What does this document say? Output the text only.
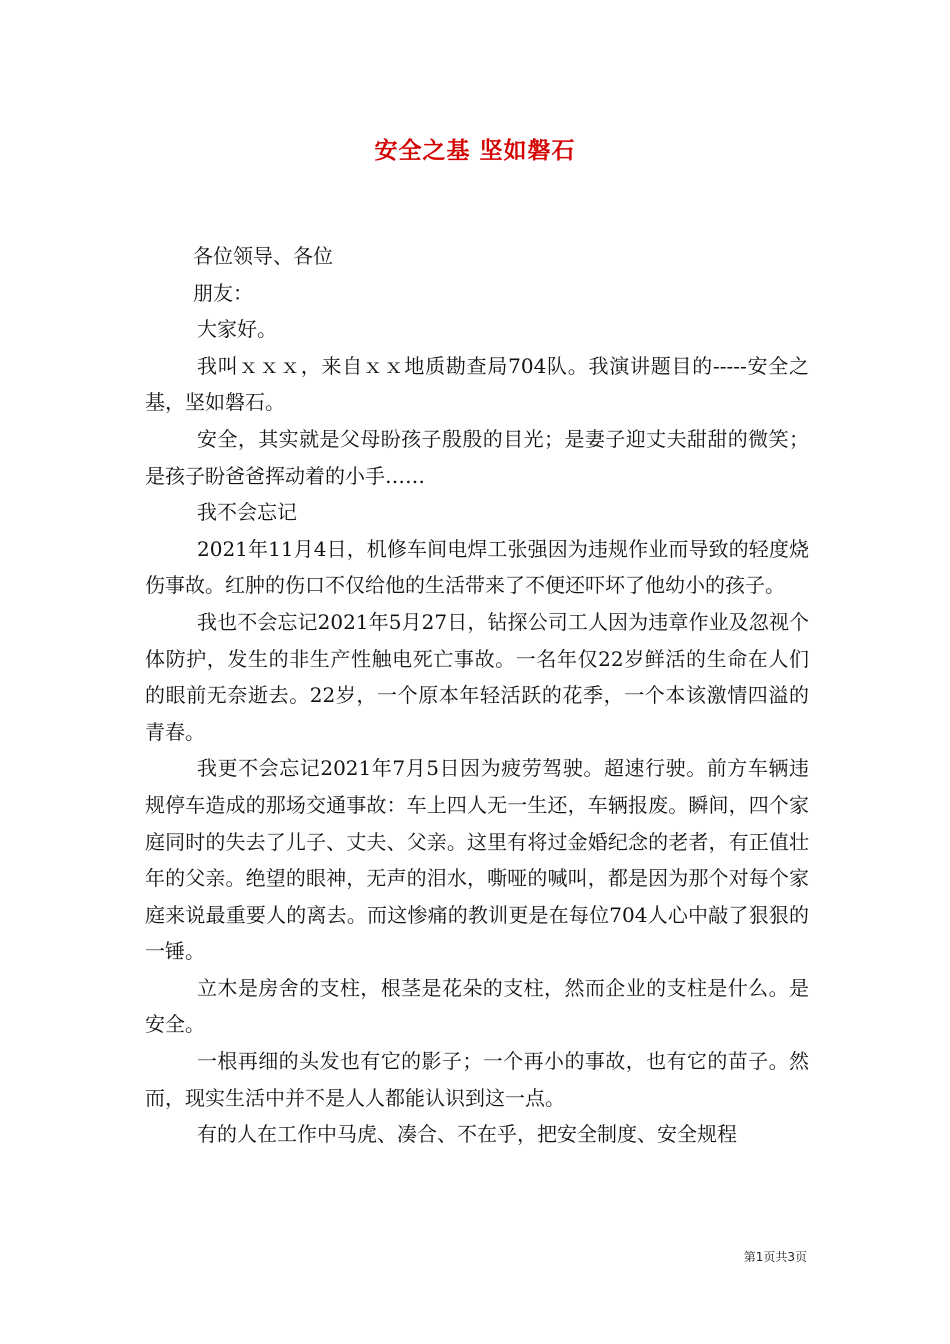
安全之基 坚如磐石

各位领导、各位
朋友：

大家好。

我叫ｘｘｘ，来自ｘｘ地质勘查局704队。我演讲题目的-----安全之基，坚如磐石。

安全，其实就是父母盼孩子殷殷的目光；是妻子迎丈夫甜甜的微笑；是孩子盼爸爸挥动着的小手……

我不会忘记

2021年11月4日，机修车间电焊工张强因为违规作业而导致的轻度烧伤事故。红肿的伤口不仅给他的生活带来了不便还吓坏了他幼小的孩子。

我也不会忘记2021年5月27日，钻探公司工人因为违章作业及忽视个体防护，发生的非生产性触电死亡事故。一名年仅22岁鲜活的生命在人们的眼前无奈逝去。22岁，一个原本年轻活跃的花季，一个本该激情四溢的青春。

我更不会忘记2021年7月5日因为疲劳驾驶。超速行驶。前方车辆违规停车造成的那场交通事故：车上四人无一生还，车辆报废。瞬间，四个家庭同时的失去了儿子、丈夫、父亲。这里有将过金婚纪念的老者，有正值壮年的父亲。绝望的眼神，无声的泪水，嘶哑的喊叫，都是因为那个对每个家庭来说最重要人的离去。而这惨痛的教训更是在每位704人心中敲了狠狠的一锤。

立木是房舍的支柱，根茎是花朵的支柱，然而企业的支柱是什么。是安全。

一根再细的头发也有它的影子；一个再小的事故，也有它的苗子。然而，现实生活中并不是人人都能认识到这一点。

有的人在工作中马虎、凑合、不在乎，把安全制度、安全规程

第1页共3页
